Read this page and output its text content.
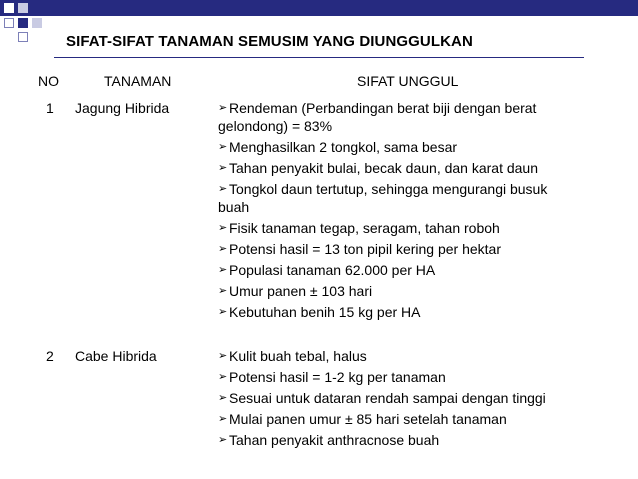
SIFAT-SIFAT TANAMAN SEMUSIM YANG DIUNGGULKAN
NO	TANAMAN	SIFAT UNGGUL
1 Jagung Hibrida	➢ Rendeman (Perbandingan berat biji dengan berat
gelondong) = 83%
➢ Menghasilkan 2 tongkol, sama besar
➢ Tahan penyakit bulai, becak daun, dan karat daun
➢ Tongkol daun tertutup, sehingga mengurangi busuk
buah
➢ Fisik tanaman tegap, seragam, tahan roboh
➢ Potensi hasil = 13 ton pipil kering per hektar
➢ Populasi tanaman 62.000 per HA
➢ Umur panen ± 103 hari
➢ Kebutuhan benih 15 kg per HA
2 Cabe Hibrida	➢ Kulit buah tebal, halus
➢ Potensi hasil = 1-2 kg per tanaman
➢ Sesuai untuk dataran rendah sampai dengan tinggi
➢ Mulai panen umur ± 85 hari setelah tanaman
➢ Tahan penyakit anthracnose buah
